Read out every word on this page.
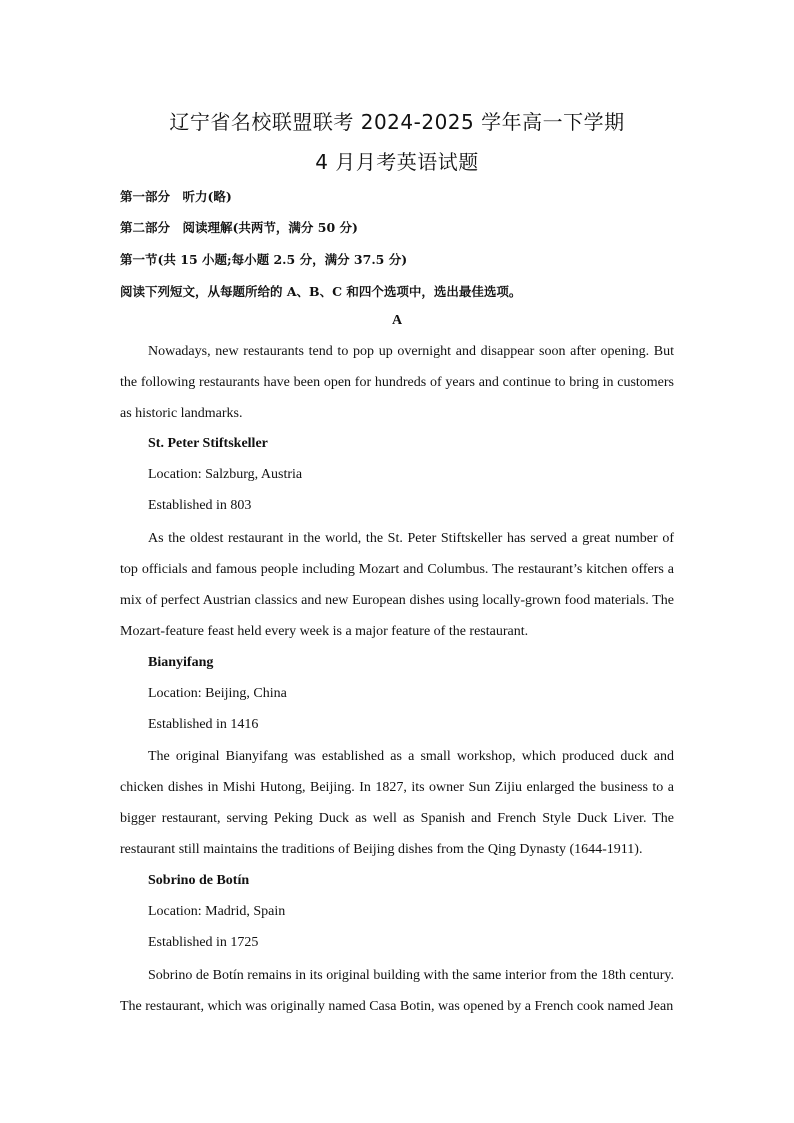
辽宁省名校联盟联考 2024-2025 学年高一下学期
4 月月考英语试题
第一部分　听力(略)
第二部分　阅读理解(共两节，满分 50 分)
第一节(共 15 小题;每小题 2.5 分，满分 37.5 分)
阅读下列短文，从每题所给的 A、B、C 和四个选项中，选出最佳选项。
A

Nowadays, new restaurants tend to pop up overnight and disappear soon after opening. But the following restaurants have been open for hundreds of years and continue to bring in customers as historic landmarks.

St. Peter Stiftskeller
Location: Salzburg, Austria
Established in 803

As the oldest restaurant in the world, the St. Peter Stiftskeller has served a great number of top officials and famous people including Mozart and Columbus. The restaurant’s kitchen offers a mix of perfect Austrian classics and new European dishes using locally-grown food materials. The Mozart-feature feast held every week is a major feature of the restaurant.

Bianyifang
Location: Beijing, China
Established in 1416

The original Bianyifang was established as a small workshop, which produced duck and chicken dishes in Mishi Hutong, Beijing. In 1827, its owner Sun Zijiu enlarged the business to a bigger restaurant, serving Peking Duck as well as Spanish and French Style Duck Liver. The restaurant still maintains the traditions of Beijing dishes from the Qing Dynasty (1644-1911).

Sobrino de Botín
Location: Madrid, Spain
Established in 1725

Sobrino de Botín remains in its original building with the same interior from the 18th century. The restaurant, which was originally named Casa Botin, was opened by a French cook named Jean
